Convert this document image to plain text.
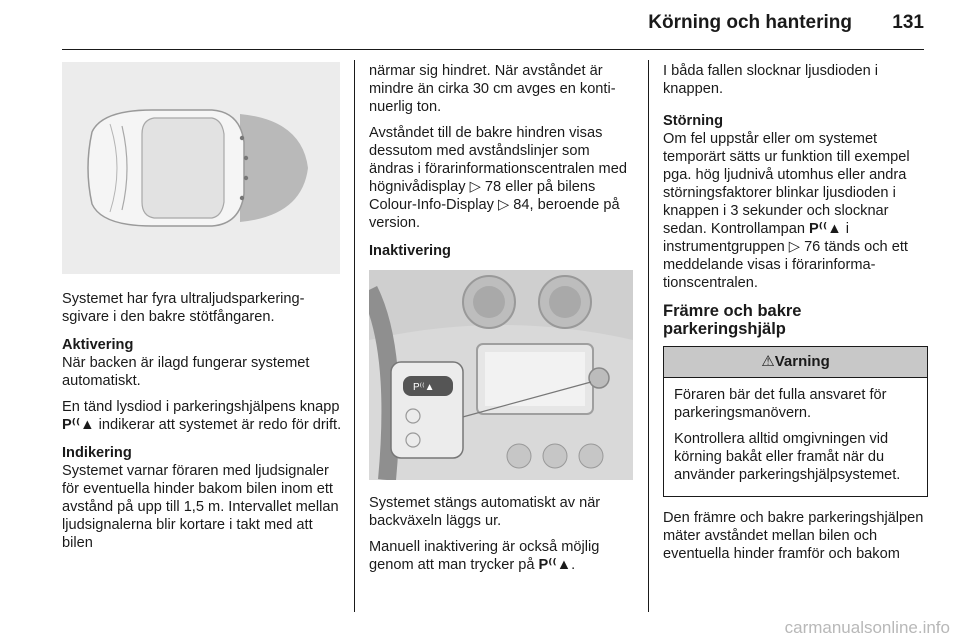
Körning och hantering 131

Systemet har fyra ultraljudsparkeringsgivare i den bakre stötfångaren.

Aktivering

När backen är ilagd fungerar systemet automatiskt.

En tänd lysdiod i parkeringshjälpens knapp P⁽⁽▲ indikerar att systemet är redo för drift.

Indikering

Systemet varnar föraren med ljudsignaler för eventuella hinder bakom bilen inom ett avstånd på upp till 1,5 m. Intervallet mellan ljudsignalerna blir kortare i takt med att bilen

närmar sig hindret. När avståndet är mindre än cirka 30 cm avges en kontinuerlig ton.

Avståndet till de bakre hindren visas dessutom med avståndslinjer som ändras i förarinformationscentralen med högnivådisplay ▷ 78 eller på bilens Colour-Info-Display ▷ 84, beroende på version.

Inaktivering

P⁽⁽▲

Systemet stängs automatiskt av när backväxeln läggs ur.

Manuell inaktivering är också möjlig genom att man trycker på P⁽⁽▲.

I båda fallen slocknar ljusdioden i knappen.

Störning

Om fel uppstår eller om systemet temporärt sätts ur funktion till exempel pga. hög ljudnivå utomhus eller andra störningsfaktorer blinkar ljusdioden i knappen i 3 sekunder och slocknar sedan. Kontrollampan P⁽⁽▲ i instrumentgruppen ▷ 76 tänds och ett meddelande visas i förarinformationscentralen.

Främre och bakre parkeringshjälp
⚠Varning

Föraren bär det fulla ansvaret för parkeringsmanövern.

Kontrollera alltid omgivningen vid körning bakåt eller framåt när du använder parkeringshjälpsystemet.

Den främre och bakre parkeringshjälpen mäter avståndet mellan bilen och eventuella hinder framför och bakom

carmanualsonline.info
